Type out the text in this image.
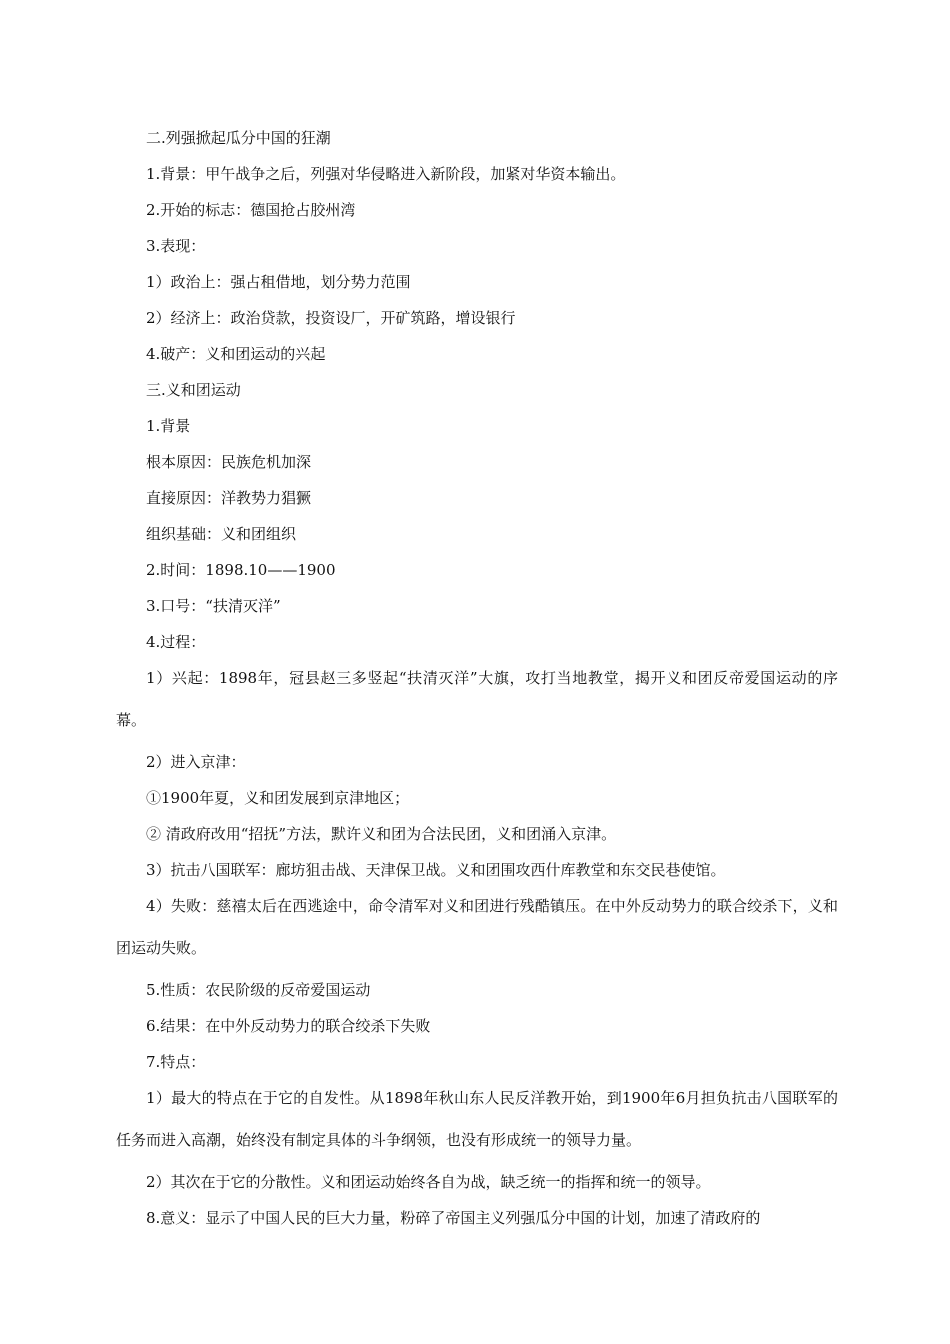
二.列强掀起瓜分中国的狂潮

1.背景：甲午战争之后，列强对华侵略进入新阶段，加紧对华资本输出。

2.开始的标志：德国抢占胶州湾

3.表现：

1）政治上：强占租借地，划分势力范围

2）经济上：政治贷款，投资设厂，开矿筑路，增设银行

4.破产：义和团运动的兴起

三.义和团运动

1.背景

根本原因：民族危机加深

直接原因：洋教势力猖獗

组织基础：义和团组织

2.时间：1898.10——1900

3.口号：“扶清灭洋”

4.过程：

1）兴起：1898年，冠县赵三多竖起“扶清灭洋”大旗，攻打当地教堂，揭开义和团反帝爱国运动的序幕。

2）进入京津：

①1900年夏，义和团发展到京津地区；

② 清政府改用“招抚”方法，默许义和团为合法民团，义和团涌入京津。

3）抗击八国联军：廊坊狙击战、天津保卫战。义和团围攻西什库教堂和东交民巷使馆。

4）失败：慈禧太后在西逃途中，命令清军对义和团进行残酷镇压。在中外反动势力的联合绞杀下，义和团运动失败。

5.性质：农民阶级的反帝爱国运动

6.结果：在中外反动势力的联合绞杀下失败

7.特点：

1）最大的特点在于它的自发性。从1898年秋山东人民反洋教开始，到1900年6月担负抗击八国联军的任务而进入高潮，始终没有制定具体的斗争纲领，也没有形成统一的领导力量。

2）其次在于它的分散性。义和团运动始终各自为战，缺乏统一的指挥和统一的领导。

8.意义：显示了中国人民的巨大力量，粉碎了帝国主义列强瓜分中国的计划，加速了清政府的
